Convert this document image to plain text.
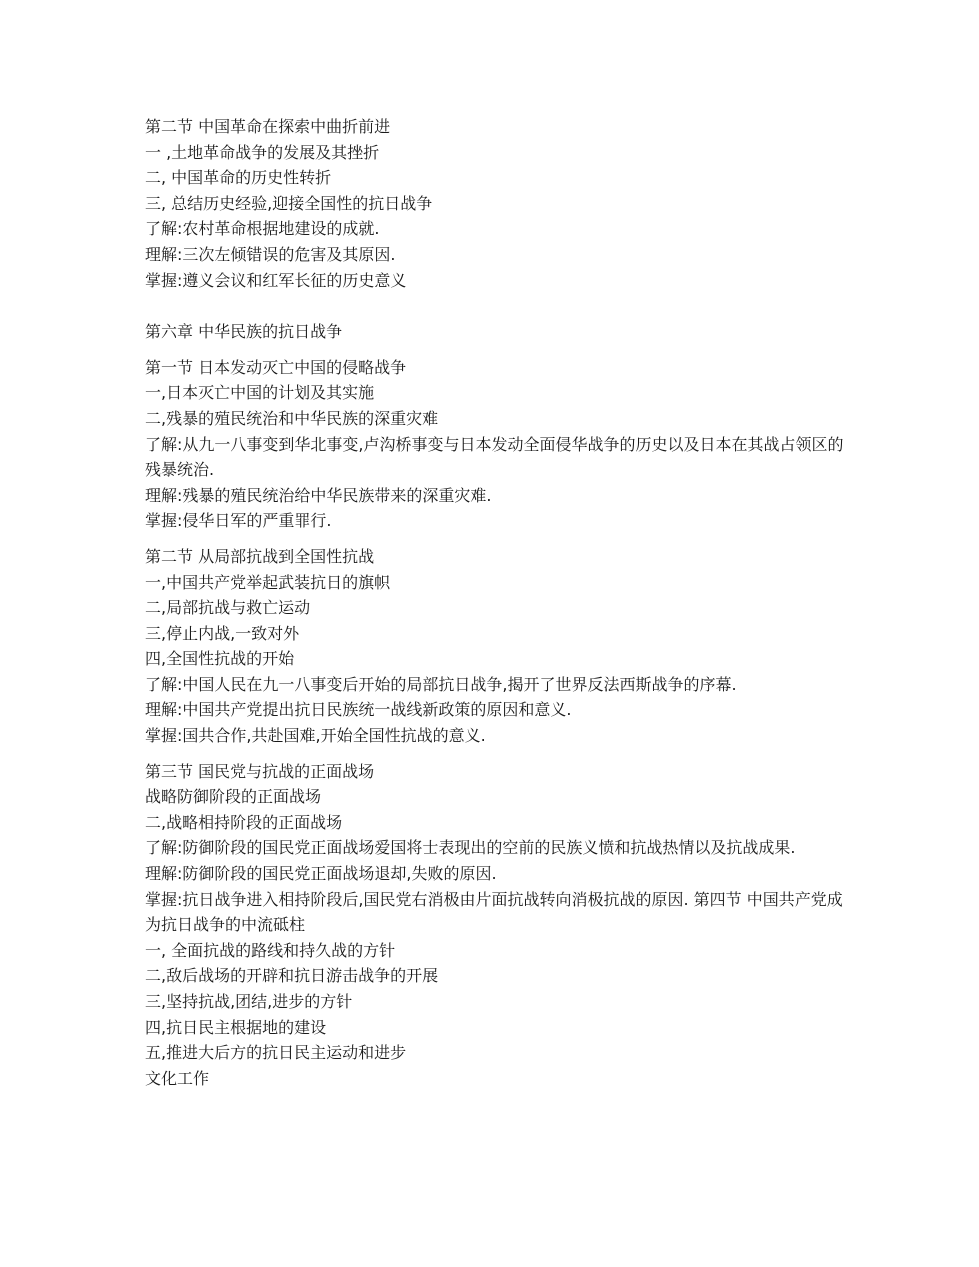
第二节 中国革命在探索中曲折前进
一 ,土地革命战争的发展及其挫折
二, 中国革命的历史性转折
三, 总结历史经验,迎接全国性的抗日战争
了解:农村革命根据地建设的成就.
理解:三次左倾错误的危害及其原因.
掌握:遵义会议和红军长征的历史意义
第六章 中华民族的抗日战争
第一节 日本发动灭亡中国的侵略战争
一,日本灭亡中国的计划及其实施
二,残暴的殖民统治和中华民族的深重灾难
了解:从九一八事变到华北事变,卢沟桥事变与日本发动全面侵华战争的历史以及日本在其战占领区的残暴统治.
理解:残暴的殖民统治给中华民族带来的深重灾难.
掌握:侵华日军的严重罪行.
第二节 从局部抗战到全国性抗战
一,中国共产党举起武装抗日的旗帜
二,局部抗战与救亡运动
三,停止内战,一致对外
四,全国性抗战的开始
了解:中国人民在九一八事变后开始的局部抗日战争,揭开了世界反法西斯战争的序幕.
理解:中国共产党提出抗日民族统一战线新政策的原因和意义.
掌握:国共合作,共赴国难,开始全国性抗战的意义.
第三节 国民党与抗战的正面战场
战略防御阶段的正面战场
二,战略相持阶段的正面战场
了解:防御阶段的国民党正面战场爱国将士表现出的空前的民族义愤和抗战热情以及抗战成果.
理解:防御阶段的国民党正面战场退却,失败的原因.
掌握:抗日战争进入相持阶段后,国民党右消极由片面抗战转向消极抗战的原因. 第四节 中国共产党成为抗日战争的中流砥柱
一, 全面抗战的路线和持久战的方针
二,敌后战场的开辟和抗日游击战争的开展
三,坚持抗战,团结,进步的方针
四,抗日民主根据地的建设
五,推进大后方的抗日民主运动和进步
文化工作
